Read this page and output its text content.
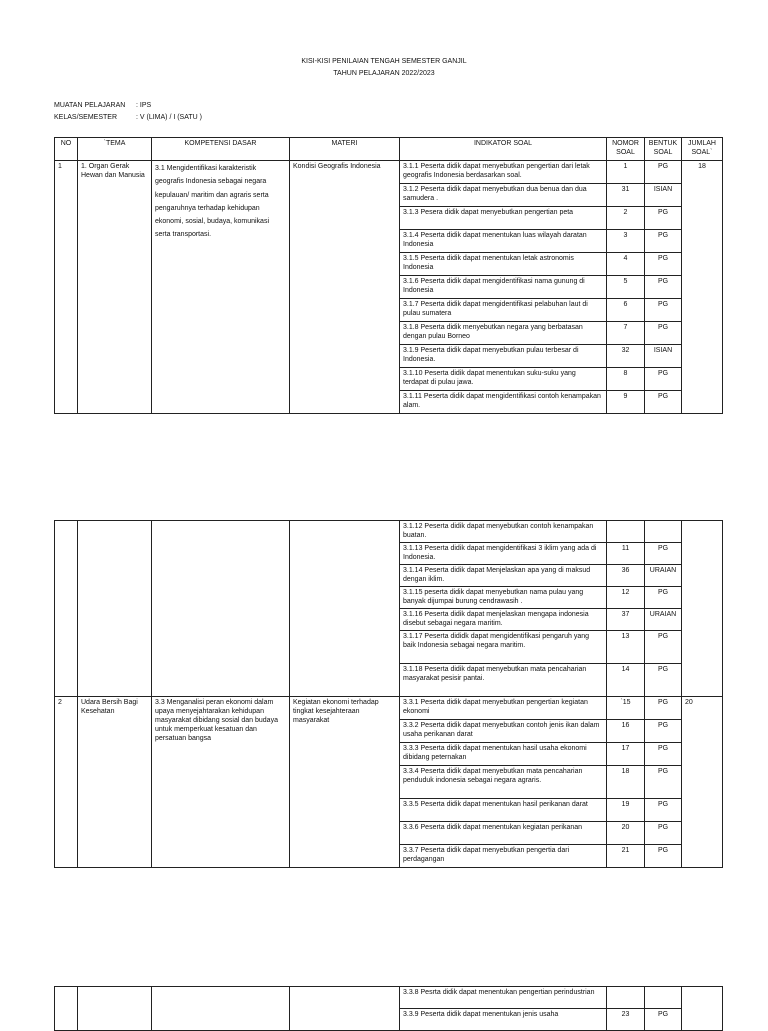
KISI-KISI PENILAIAN TENGAH SEMESTER GANJIL
TAHUN PELAJARAN 2022/2023
MUATAN PELAJARAN : IPS
KELAS/SEMESTER	: V (LIMA) / I (SATU )
NO	`TEMA	KOMPETENSI DASAR	MATERI	INDIKATOR SOAL	NOMOR SOAL	BENTUK SOAL	JUMLAH SOAL`
1	1. Organ Gerak Hewan dan Manusia	3.1 Mengidentifikasi karakteristik geografis Indonesia sebagai negara kepulauan/ maritim dan agraris serta pengaruhnya terhadap kehidupan ekonomi, sosial, budaya, komunikasi serta transportasi.	Kondisi Geografis Indonesia	3.1.1 Peserta didik dapat menyebutkan pengertian dari letak geografis Indonesia berdasarkan soal.	1	PG	18
				3.1.2 Peserta didik dapat menyebutkan dua benua dan dua samudera .	31	ISIAN	
				3.1.3 Pesera didik dapat menyebutkan pengertian peta	2	PG	
				3.1.4 Peserta didik dapat menentukan luas wilayah daratan Indonesia	3	PG	
				3.1.5 Peserta didik dapat menentukan letak astronomis Indonesia	4	PG	
				3.1.6 Peserta didik dapat mengidentifikasi nama gunung di Indonesia	5	PG	
				3.1.7 Peserta didik dapat mengidentifikasi pelabuhan laut di pulau sumatera	6	PG	
				3.1.8 Peserta didik menyebutkan negara yang berbatasan dengan pulau Borneo	7	PG	
				3.1.9 Peserta didik dapat menyebutkan pulau terbesar di Indonesia.	32	ISIAN	
				3.1.10 Peserta didik dapat menentukan suku-suku yang terdapat di pulau jawa.	8	PG	
				3.1.11 Peserta didik dapat mengidentifikasi contoh kenampakan alam.	9	PG	
				3.1.12 Peserta didik dapat menyebutkan contoh kenampakan buatan.			
				3.1.13 Peserta didik dapat mengidentifikasi 3 iklim yang ada di Indonesia.	11	PG	
				3.1.14 Peserta didik dapat Menjelaskan apa yang di maksud dengan iklim.	36	URAIAN	
				3.1.15 peserta didik dapat menyebutkan nama pulau yang banyak dijumpai burung cendrawasih .	12	PG	
				3.1.16 Peserta didik dapat menjelaskan mengapa indonesia disebut sebagai negara maritim.	37	URAIAN	
				3.1.17 Peserta dididk dapat mengidentifikasi pengaruh yang baik Indonesia sebagai negara maritim.	13	PG	
				3.1.18 Peserta didik dapat menyebutkan mata pencaharian masyarakat pesisir pantai.	14	PG	
2	Udara Bersih Bagi Kesehatan	3.3 Menganalisi peran ekonomi dalam upaya menyejahtarakan kehidupan masyarakat dibidang sosial dan budaya untuk memperkuat kesatuan dan persatuan bangsa	Kegiatan ekonomi terhadap tingkat kesejahteraan masyarakat	3.3.1 Peserta didik dapat menyebutkan pengertian kegiatan ekonomi	`15	PG	20
				3.3.2 Peserta didik dapat menyebutkan contoh jenis ikan dalam usaha perikanan darat	16	PG	
				3.3.3 Peserta didik dapat menentukan hasil usaha ekonomi dibidang peternakan	17	PG	
				3.3.4 Peserta didik dapat menyebutkan mata pencaharian penduduk indonesia sebagai negara agraris.	18	PG	
				3.3.5 Peserta didik dapat menentukan hasil perikanan darat	19	PG	
				3.3.6 Peserta didik dapat menentukan kegiatan perikanan	20	PG	
				3.3.7 Peserta didik dapat menyebutkan pengertia dari perdagangan	21	PG	
				3.3.8 Pesrta didik dapat menentukan pengertian perindustrian			
				3.3.9 Peserta didik dapat menentukan jenis usaha	23	PG	
